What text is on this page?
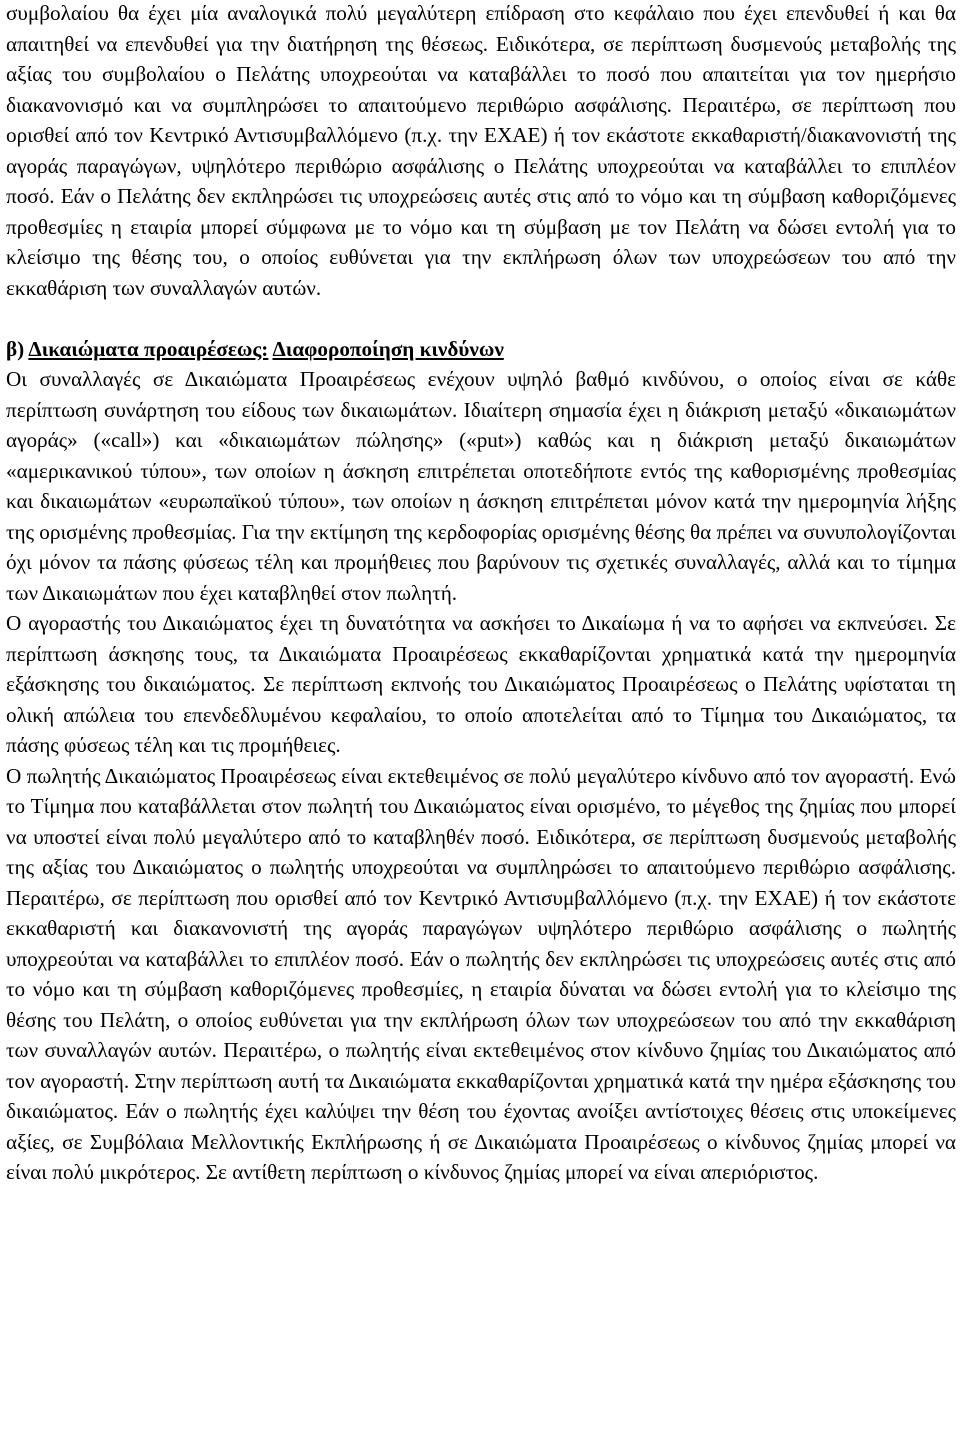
συμβολαίου θα έχει μία αναλογικά πολύ μεγαλύτερη επίδραση στο κεφάλαιο που έχει επενδυθεί ή και θα απαιτηθεί να επενδυθεί για την διατήρηση της θέσεως. Ειδικότερα, σε περίπτωση δυσμενούς μεταβολής της αξίας του συμβολαίου ο Πελάτης υποχρεούται να καταβάλλει το ποσό που απαιτείται για τον ημερήσιο διακανονισμό και να συμπληρώσει το απαιτούμενο περιθώριο ασφάλισης. Περαιτέρω, σε περίπτωση που ορισθεί από τον Κεντρικό Αντισυμβαλλόμενο (π.χ. την ΕΧΑΕ) ή τον εκάστοτε εκκαθαριστή/διακανονιστή της αγοράς παραγώγων, υψηλότερο περιθώριο ασφάλισης ο Πελάτης υποχρεούται να καταβάλλει το επιπλέον ποσό. Εάν ο Πελάτης δεν εκπληρώσει τις υποχρεώσεις αυτές στις από το νόμο και τη σύμβαση καθοριζόμενες προθεσμίες η εταιρία μπορεί σύμφωνα με το νόμο και τη σύμβαση με τον Πελάτη να δώσει εντολή για το κλείσιμο της θέσης του, ο οποίος ευθύνεται για την εκπλήρωση όλων των υποχρεώσεων του από την εκκαθάριση των συναλλαγών αυτών.

β) Δικαιώματα προαιρέσεως: Διαφοροποίηση κινδύνων

Οι συναλλαγές σε Δικαιώματα Προαιρέσεως ενέχουν υψηλό βαθμό κινδύνου, ο οποίος είναι σε κάθε περίπτωση συνάρτηση του είδους των δικαιωμάτων. Ιδιαίτερη σημασία έχει η διάκριση μεταξύ «δικαιωμάτων αγοράς» («call») και «δικαιωμάτων πώλησης» («put») καθώς και η διάκριση μεταξύ δικαιωμάτων «αμερικανικού τύπου», των οποίων η άσκηση επιτρέπεται οποτεδήποτε εντός της καθορισμένης προθεσμίας και δικαιωμάτων «ευρωπαϊκού τύπου», των οποίων η άσκηση επιτρέπεται μόνον κατά την ημερομηνία λήξης της ορισμένης προθεσμίας. Για την εκτίμηση της κερδοφορίας ορισμένης θέσης θα πρέπει να συνυπολογίζονται όχι μόνον τα πάσης φύσεως τέλη και προμήθειες που βαρύνουν τις σχετικές συναλλαγές, αλλά και το τίμημα των Δικαιωμάτων που έχει καταβληθεί στον πωλητή.

Ο αγοραστής του Δικαιώματος έχει τη δυνατότητα να ασκήσει το Δικαίωμα ή να το αφήσει να εκπνεύσει. Σε περίπτωση άσκησης τους, τα Δικαιώματα Προαιρέσεως εκκαθαρίζονται χρηματικά κατά την ημερομηνία εξάσκησης του δικαιώματος. Σε περίπτωση εκπνοής του Δικαιώματος Προαιρέσεως ο Πελάτης υφίσταται τη ολική απώλεια του επενδεδλυμένου κεφαλαίου, το οποίο αποτελείται από το Τίμημα του Δικαιώματος, τα πάσης φύσεως τέλη και τις προμήθειες.

Ο πωλητής Δικαιώματος Προαιρέσεως είναι εκτεθειμένος σε πολύ μεγαλύτερο κίνδυνο από τον αγοραστή. Ενώ το Τίμημα που καταβάλλεται στον πωλητή του Δικαιώματος είναι ορισμένο, το μέγεθος της ζημίας που μπορεί να υποστεί είναι πολύ μεγαλύτερο από το καταβληθέν ποσό. Ειδικότερα, σε περίπτωση δυσμενούς μεταβολής της αξίας του Δικαιώματος ο πωλητής υποχρεούται να συμπληρώσει το απαιτούμενο περιθώριο ασφάλισης. Περαιτέρω, σε περίπτωση που ορισθεί από τον Κεντρικό Αντισυμβαλλόμενο (π.χ. την ΕΧΑΕ) ή τον εκάστοτε εκκαθαριστή και διακανονιστή της αγοράς παραγώγων υψηλότερο περιθώριο ασφάλισης ο πωλητής υποχρεούται να καταβάλλει το επιπλέον ποσό. Εάν ο πωλητής δεν εκπληρώσει τις υποχρεώσεις αυτές στις από το νόμο και τη σύμβαση καθοριζόμενες προθεσμίες, η εταιρία δύναται να δώσει εντολή για το κλείσιμο της θέσης του Πελάτη, ο οποίος ευθύνεται για την εκπλήρωση όλων των υποχρεώσεων του από την εκκαθάριση των συναλλαγών αυτών. Περαιτέρω, ο πωλητής είναι εκτεθειμένος στον κίνδυνο ζημίας του Δικαιώματος από τον αγοραστή. Στην περίπτωση αυτή τα Δικαιώματα εκκαθαρίζονται χρηματικά κατά την ημέρα εξάσκησης του δικαιώματος. Εάν ο πωλητής έχει καλύψει την θέση του έχοντας ανοίξει αντίστοιχες θέσεις στις υποκείμενες αξίες, σε Συμβόλαια Μελλοντικής Εκπλήρωσης ή σε Δικαιώματα Προαιρέσεως ο κίνδυνος ζημίας μπορεί να είναι πολύ μικρότερος. Σε αντίθετη περίπτωση ο κίνδυνος ζημίας μπορεί να είναι απεριόριστος.
